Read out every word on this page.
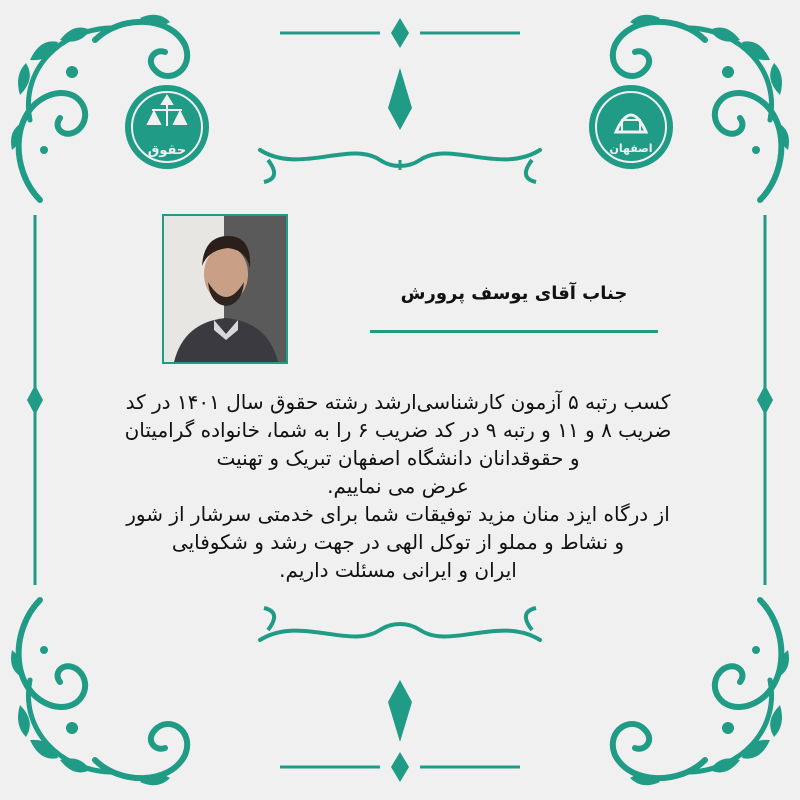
حقوق	اصفهان
جناب آقای یوسف پرورش

کسب رتبه ۵ آزمون کارشناسی‌ارشد رشته حقوق سال ۱۴۰۱ در کد

ضریب ۸ و ۱۱ و رتبه ۹ در کد ضریب ۶ را به شما، خانواده گرامیتان

و حقوقدانان دانشگاه اصفهان تبریک و تهنیت

عرض می نماییم.

از درگاه ایزد منان مزید توفیقات شما برای خدمتی سرشار از شور

و نشاط و مملو از توکل الهی در جهت رشد و شکوفایی

ایران و ایرانی مسئلت داریم.
